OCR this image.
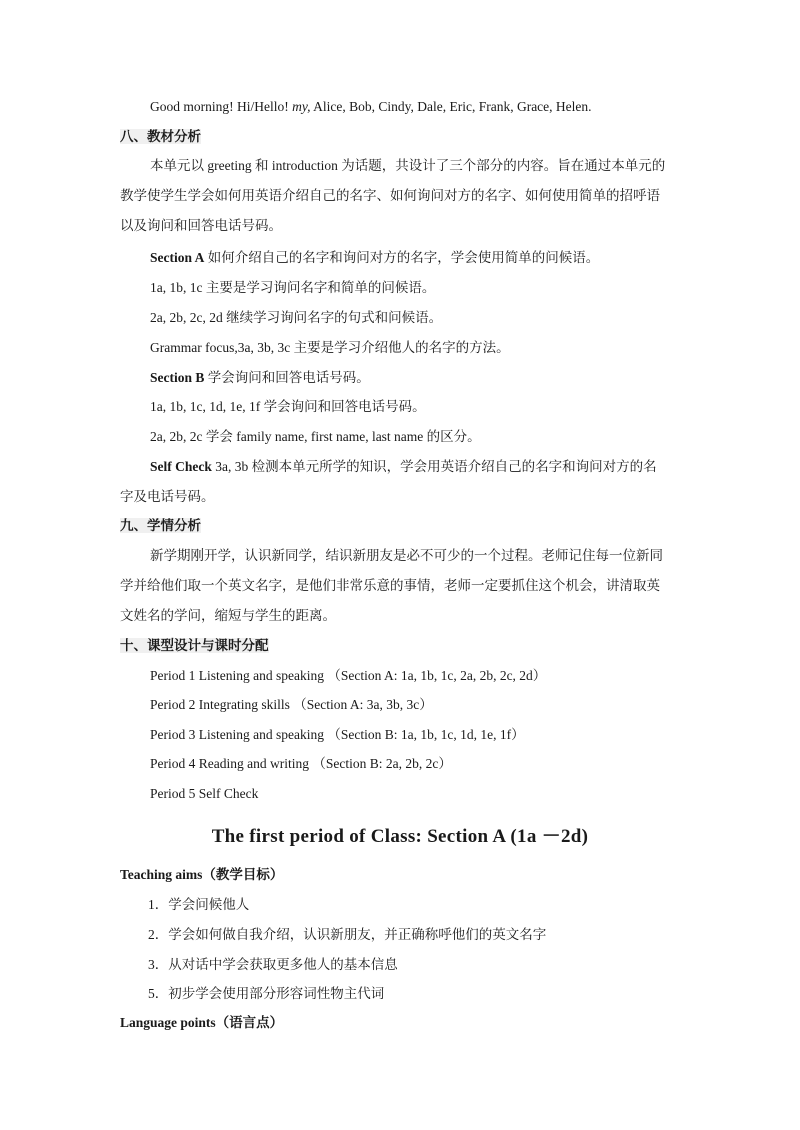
Good morning! Hi/Hello! my, Alice, Bob, Cindy, Dale, Eric, Frank, Grace, Helen.
八、教材分析
本单元以 greeting 和 introduction 为话题，共设计了三个部分的内容。旨在通过本单元的
教学使学生学会如何用英语介绍自己的名字、如何询问对方的名字、如何使用简单的招呼语
以及询问和回答电话号码。
Section A 如何介绍自己的名字和询问对方的名字，学会使用简单的问候语。
1a, 1b, 1c 主要是学习询问名字和简单的问候语。
2a, 2b, 2c, 2d 继续学习询问名字的句式和问候语。
Grammar focus,3a, 3b, 3c 主要是学习介绍他人的名字的方法。
Section B 学会询问和回答电话号码。
1a, 1b, 1c, 1d, 1e, 1f 学会询问和回答电话号码。
2a, 2b, 2c 学会 family name, first name, last name 的区分。
Self Check 3a, 3b 检测本单元所学的知识，学会用英语介绍自己的名字和询问对方的名
字及电话号码。
九、学情分析
新学期刚开学，认识新同学，结识新朋友是必不可少的一个过程。老师记住每一位新同
学并给他们取一个英文名字，是他们非常乐意的事情，老师一定要抓住这个机会，讲清取英
文姓名的学问，缩短与学生的距离。
十、课型设计与课时分配
Period 1 Listening and speaking （Section A: 1a, 1b, 1c, 2a, 2b, 2c, 2d）
Period 2 Integrating skills （Section A: 3a, 3b, 3c）
Period 3 Listening and speaking （Section B: 1a, 1b, 1c, 1d, 1e, 1f）
Period 4 Reading and writing （Section B: 2a, 2b, 2c）
Period 5 Self Check
The first period of Class: Section A (1a －2d)
Teaching aims（教学目标）
1．学会问候他人
2．学会如何做自我介绍，认识新朋友，并正确称呼他们的英文名字
3．从对话中学会获取更多他人的基本信息
5．初步学会使用部分形容词性物主代词
Language points（语言点）
